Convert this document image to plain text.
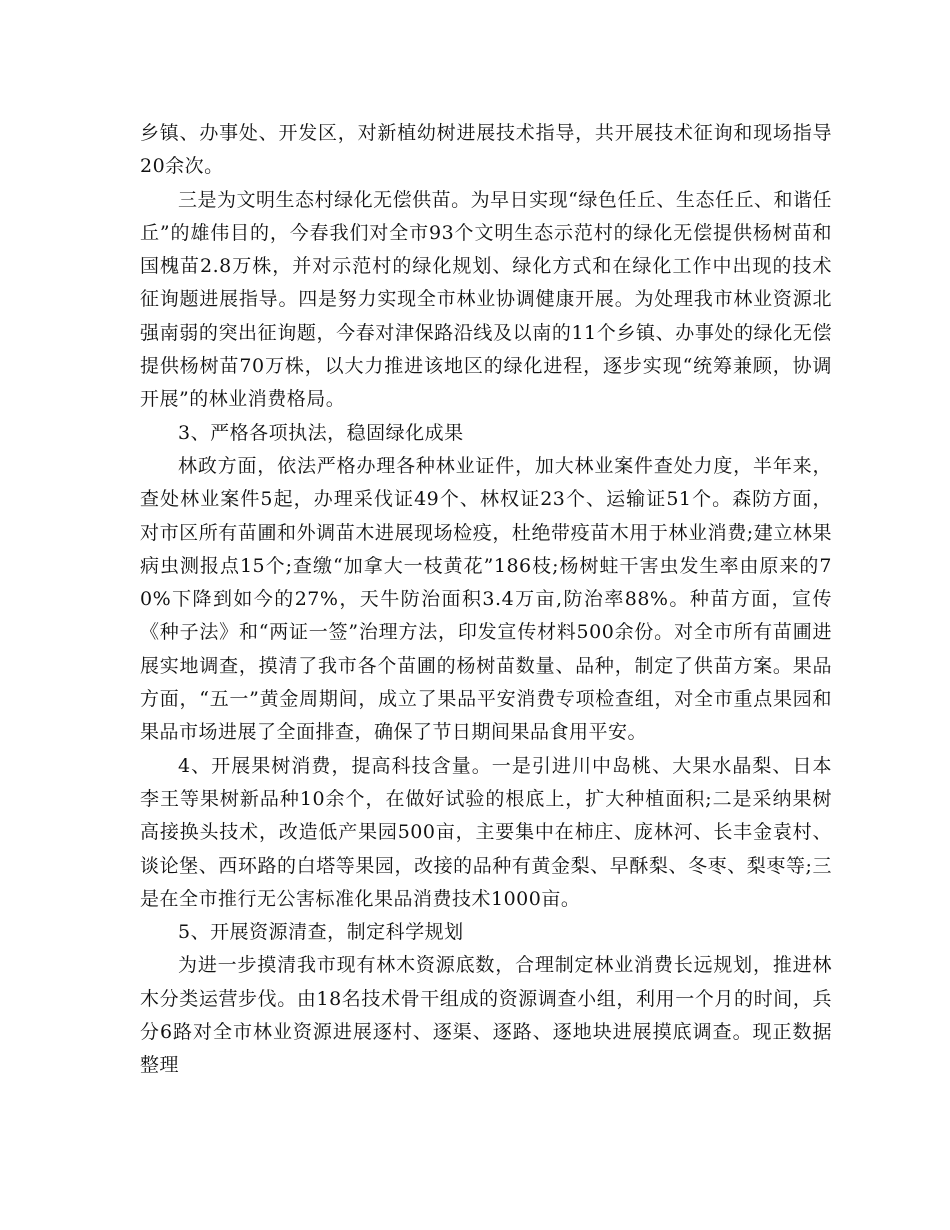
乡镇、办事处、开发区，对新植幼树进展技术指导，共开展技术征询和现场指导20余次。

三是为文明生态村绿化无偿供苗。为早日实现“绿色任丘、生态任丘、和谐任丘”的雄伟目的，今春我们对全市93个文明生态示范村的绿化无偿提供杨树苗和国槐苗2.8万株，并对示范村的绿化规划、绿化方式和在绿化工作中出现的技术征询题进展指导。四是努力实现全市林业协调健康开展。为处理我市林业资源北强南弱的突出征询题，今春对津保路沿线及以南的11个乡镇、办事处的绿化无偿提供杨树苗70万株，以大力推进该地区的绿化进程，逐步实现“统筹兼顾，协调开展”的林业消费格局。

3、严格各项执法，稳固绿化成果

林政方面，依法严格办理各种林业证件，加大林业案件查处力度，半年来，查处林业案件5起，办理采伐证49个、林权证23个、运输证51个。森防方面，对市区所有苗圃和外调苗木进展现场检疫，杜绝带疫苗木用于林业消费;建立林果病虫测报点15个;查缴“加拿大一枝黄花”186枝;杨树蛀干害虫发生率由原来的70%下降到如今的27%，天牛防治面积3.4万亩,防治率88%。种苗方面，宣传《种子法》和“两证一签”治理方法，印发宣传材料500余份。对全市所有苗圃进展实地调查，摸清了我市各个苗圃的杨树苗数量、品种，制定了供苗方案。果品方面，“五一”黄金周期间，成立了果品平安消费专项检查组，对全市重点果园和果品市场进展了全面排查，确保了节日期间果品食用平安。

4、开展果树消费，提高科技含量。一是引进川中岛桃、大果水晶梨、日本李王等果树新品种10余个，在做好试验的根底上，扩大种植面积;二是采纳果树高接换头技术，改造低产果园500亩，主要集中在柿庄、庞林河、长丰金袁村、谈论堡、西环路的白塔等果园，改接的品种有黄金梨、早酥梨、冬枣、梨枣等;三是在全市推行无公害标准化果品消费技术1000亩。

5、开展资源清查，制定科学规划

为进一步摸清我市现有林木资源底数，合理制定林业消费长远规划，推进林木分类运营步伐。由18名技术骨干组成的资源调查小组，利用一个月的时间，兵分6路对全市林业资源进展逐村、逐渠、逐路、逐地块进展摸底调查。现正数据整理
